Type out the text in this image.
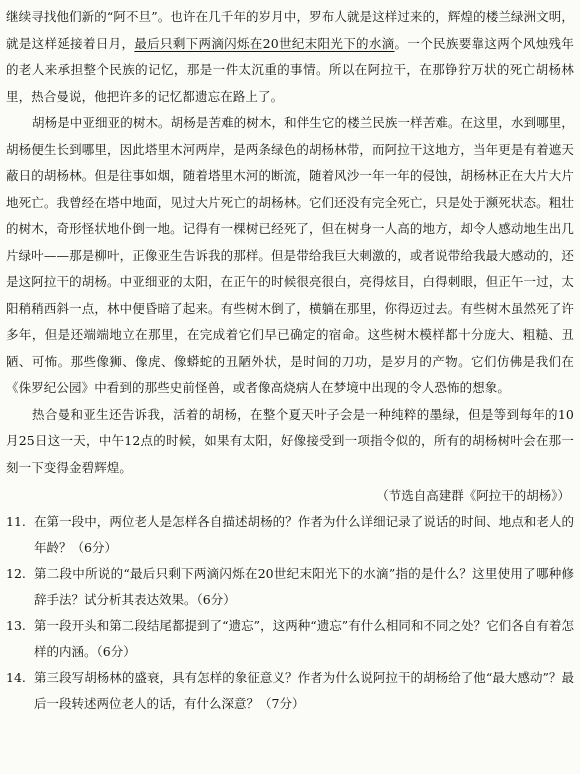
继续寻找他们新的“阿不旦”。也许在几千年的岁月中，罗布人就是这样过来的，辉煌的楼兰绿洲文明，就是这样延接着日月，最后只剩下两滴闪烁在20世纪末阳光下的水滴。一个民族要靠这两个风烛残年的老人来承担整个民族的记忆，那是一件太沉重的事情。所以在阿拉干，在那铮狞万状的死亡胡杨林里，热合曼说，他把许多的记忆都遗忘在路上了。

胡杨是中亚细亚的树木。胡杨是苦难的树木，和伴生它的楼兰民族一样苦难。在这里，水到哪里，胡杨便生长到哪里，因此塔里木河两岸，是两条绿色的胡杨林带，而阿拉干这地方，当年更是有着遮天蔽日的胡杨林。但是往事如烟，随着塔里木河的断流，随着风沙一年一年的侵蚀，胡杨林正在大片大片地死亡。我曾经在塔中地面，见过大片死亡的胡杨林。它们还没有完全死亡，只是处于濒死状态。粗壮的树木，奇形怪状地仆倒一地。记得有一棵树已经死了，但在树身一人高的地方，却令人感动地生出几片绿叶——那是柳叶，正像亚生告诉我的那样。但是带给我巨大刺激的，或者说带给我最大感动的，还是这阿拉干的胡杨。中亚细亚的太阳，在正午的时候很亮很白，亮得炫目，白得刺眼，但正午一过，太阳稍稍西斜一点，林中便昏暗了起来。有些树木倒了，横躺在那里，你得迈过去。有些树木虽然死了许多年，但是还端端地立在那里，在完成着它们早已确定的宿命。这些树木模样都十分庞大、粗糙、丑陋、可怖。那些像狮、像虎、像蟒蛇的丑陋外状，是时间的刀功，是岁月的产物。它们仿佛是我们在《侏罗纪公园》中看到的那些史前怪兽，或者像高烧病人在梦境中出现的令人恐怖的想象。

热合曼和亚生还告诉我，活着的胡杨，在整个夏天叶子会是一种纯粹的墨绿，但是等到每年的10月25日这一天，中午12点的时候，如果有太阳，好像接受到一项指令似的，所有的胡杨树叶会在那一刻一下变得金碧辉煌。

（节选自高建群《阿拉干的胡杨》）

11. 在第一段中，两位老人是怎样各自描述胡杨的？作者为什么详细记录了说话的时间、地点和老人的年龄？（6分）
12. 第二段中所说的“最后只剩下两滴闪烁在20世纪末阳光下的水滴”指的是什么？这里使用了哪种修辞手法？试分析其表达效果。（6分）
13. 第一段开头和第二段结尾都提到了“遗忘”，这两种“遗忘”有什么相同和不同之处？它们各自有着怎样的内涵。（6分）
14. 第三段写胡杨林的盛衰，具有怎样的象征意义？作者为什么说阿拉干的胡杨给了他“最大感动”？最后一段转述两位老人的话，有什么深意？（7分）
